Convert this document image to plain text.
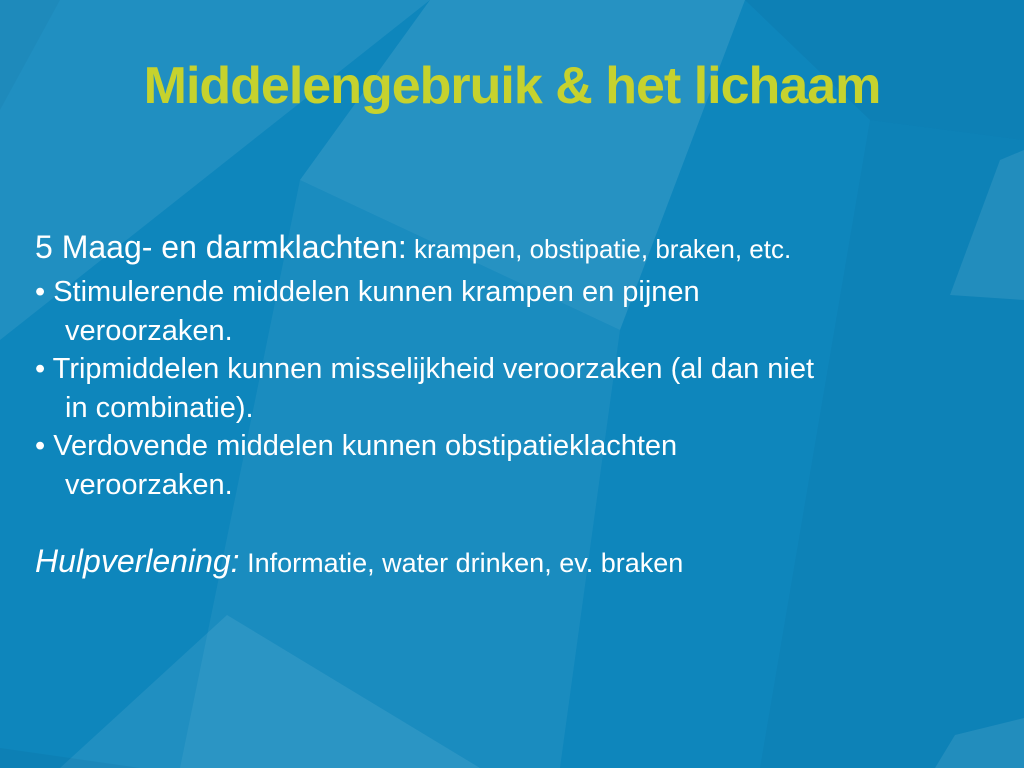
Middelengebruik & het lichaam
5 Maag- en darmklachten: krampen, obstipatie, braken, etc.
• Stimulerende middelen kunnen krampen en pijnen
veroorzaken.
• Tripmiddelen kunnen misselijkheid veroorzaken (al dan niet
in combinatie).
• Verdovende middelen kunnen obstipatieklachten
veroorzaken.
Hulpverlening: Informatie, water drinken, ev. braken
